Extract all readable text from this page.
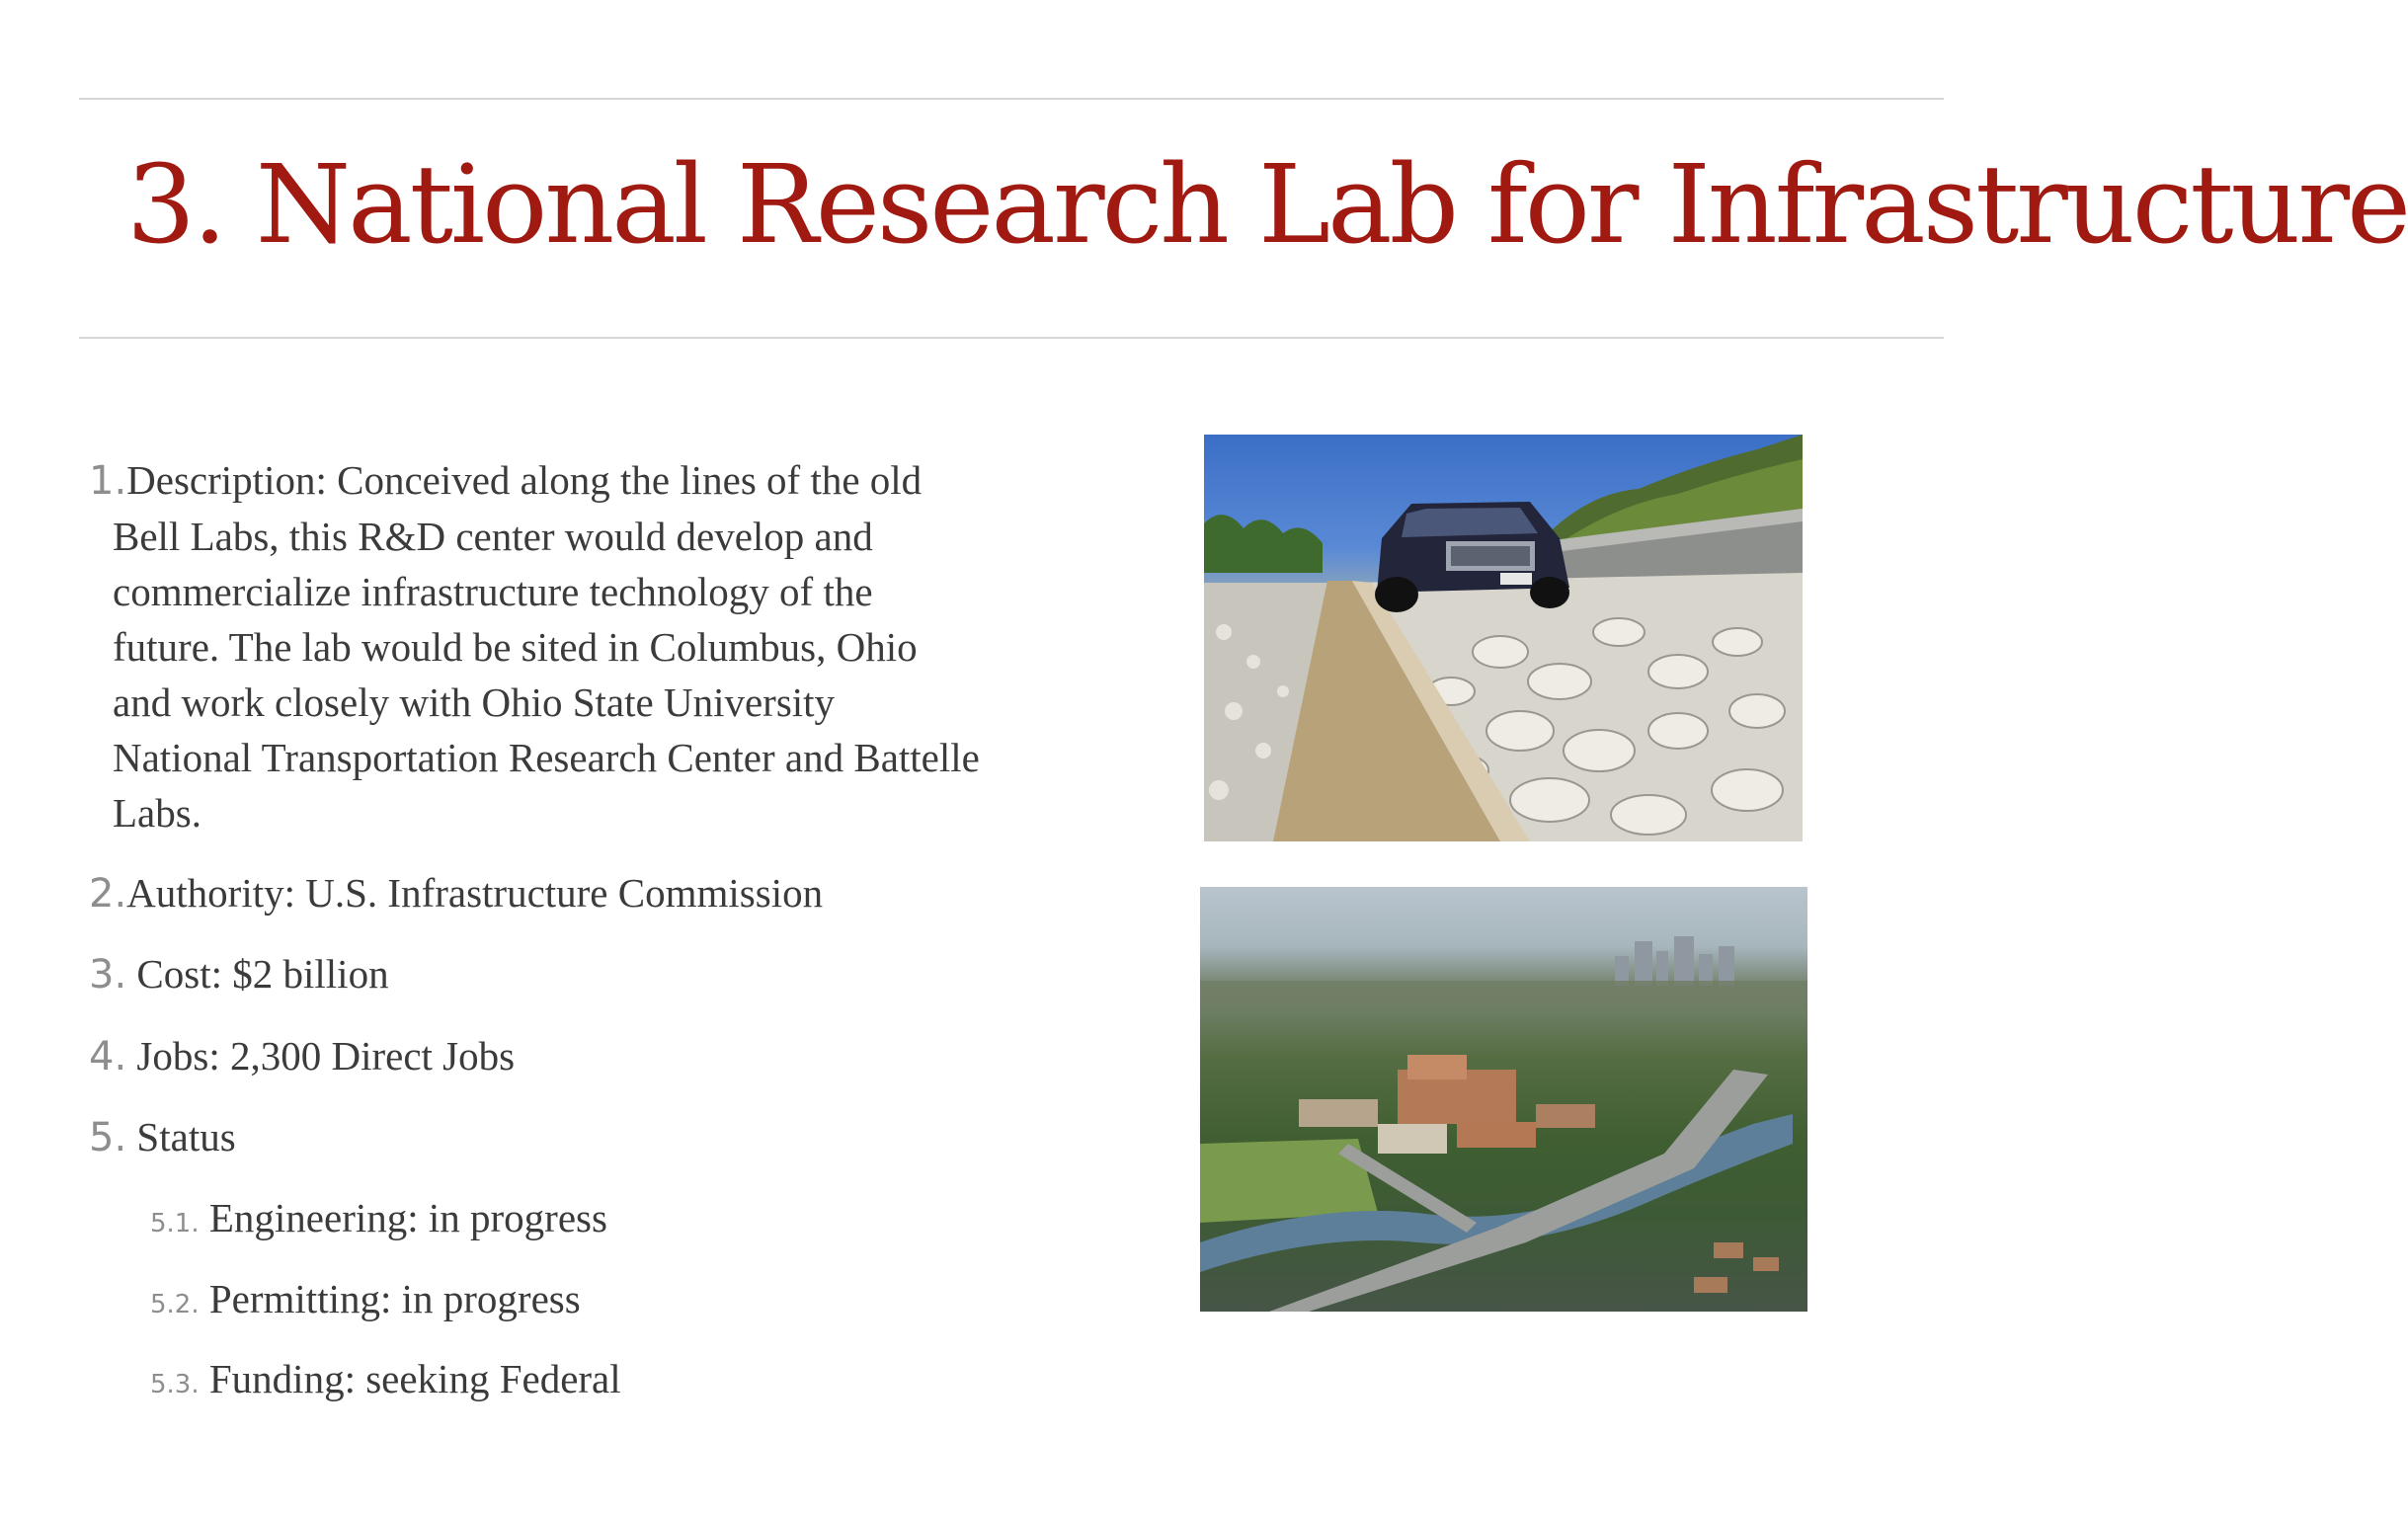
3. National Research Lab for Infrastructure
1.Description: Conceived along the lines of the old Bell Labs, this R&D center would develop and commercialize infrastructure technology of the future. The lab would be sited in Columbus, Ohio and work closely with Ohio State University National Transportation Research Center and Battelle Labs.
2.Authority: U.S. Infrastructure Commission
3. Cost: $2 billion
4. Jobs: 2,300 Direct Jobs
5. Status
5.1. Engineering: in progress
5.2. Permitting: in progress
5.3. Funding: seeking Federal
